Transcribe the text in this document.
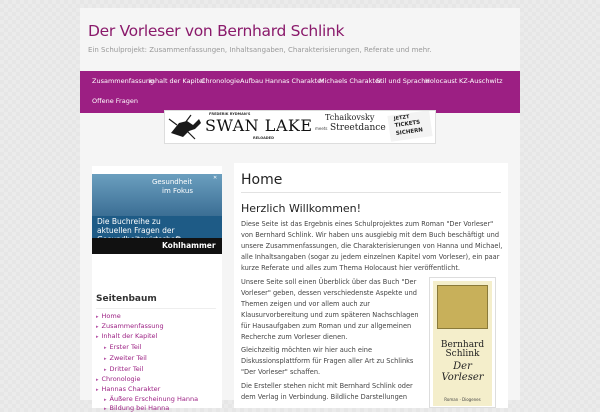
Der Vorleser von Bernhard Schlink
Ein Schulprojekt: Zusammenfassungen, Inhaltsangaben, Charakterisierungen, Referate und mehr.
Zusammenfassung
Inhalt der Kapitel
Chronologie Aufbau Hannas Charakter
Michaels Charakter
Stil und Sprache
Holocaust KZ-Auschwitz
Offene Fragen
FREDERIK RYDMAN'S
SWAN LAKE
RELOADED
Tchaikovsky
meets Streetdance
JETZT
TICKETS
SICHERN
Gesundheit
im Fokus
✕
Die Buchreihe zu
aktuellen Fragen der
Kohlhammer
Seitenbaum
▸ Home
▸ Zusammenfassung
▸ Inhalt der Kapitel
▸ Erster Teil
▸ Zweiter Teil
▸ Dritter Teil
▸ Chronologie
▸ Hannas Charakter
▸ Äußere Erscheinung Hanna
▸ Bildung bei Hanna
Home
Herzlich Willkommen!
Diese Seite ist das Ergebnis eines Schulprojektes zum Roman "Der Vorleser" von Bernhard Schlink. Wir haben uns ausgiebig mit dem Buch beschäftigt und unsere Zusammenfassungen, die Charakterisierungen von Hanna und Michael, alle Inhaltsangaben (sogar zu jedem einzelnen Kapitel vom Vorleser), ein paar kurze Referate und alles zum Thema Holocaust hier veröffentlicht.
Unsere Seite soll einen Überblick über das Buch "Der Vorleser" geben, dessen verschiedenste Aspekte und Themen zeigen und vor allem auch zur Klausurvorbereitung und zum späteren Nachschlagen für Hausaufgaben zum Roman und zur allgemeinen Recherche zum Vorleser dienen.
Gleichzeitig möchten wir hier auch eine Diskussionsplattform für Fragen aller Art zu Schlinks "Der Vorleser" schaffen.
Die Ersteller stehen nicht mit Bernhard Schlink oder dem Verlag in Verbindung. Bildliche Darstellungen
Bernhard Schlink
Der Vorleser
Roman · Diogenes
